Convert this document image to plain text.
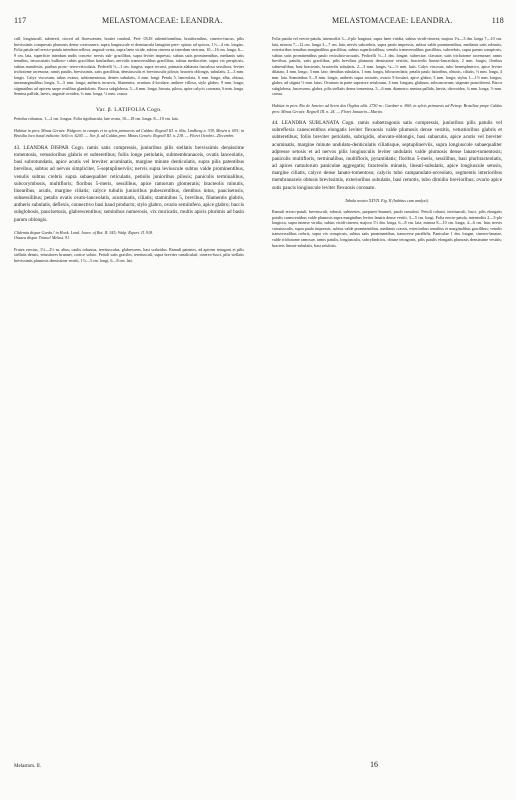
117	MELASTOMACEAE: LEANDRA.	MELASTOMACEAE: LEANDRA.	118

cull, longiuscull, subteretí, ciocerí ad floresoentes, brattei caraloul. Pett‑ OLIS rubentiformibus, brattformibus, cinereo‑fuscus, pilis brevissimis compressis plumosis dense cortexusere, supra longiuscule et densiuscula lanuginis pere‑ spiouc ad spicros, 1⅓—4 cm. longiss. Folia patula nel erecto‑patula interdum reflexa, angustè ovata, supra laete viride, subtus cinerea ut interdum sericans, 10—16 cm. longa, 6—9 cm. lata, superficie interdum nudis conceto: nervis sub‑ gracilibus, supra leviter impresso, subtus satis prominentibus, medianis satis tenuibus, tetracostatis bulboso‑ rubiis gracilibus basilaribus; nervulis transversalibus gracilibus, subtus mediocriter, supra vix perspicuis, subtus manifestis, puribus prosc‑ tereo‑reticulatis. Pedicelli ½—1 cm. longiss, supra recurvi, primaria alabastra fusculosa sessiliora, leviter trichotome racemosa; ramis patulis, brevissimis, satis gracilibus, densiusculis et breviusculis pilosis; bracteis oblongis, subulatis, 2—3 mm. longis. Calyx viscosum; tubus ovatus, subtomentosus; dentes subulatis, 4 mm. longi. Petala 5, lanceolata, 6 mm. longa, alba, obtusa, intramarginalibus longis, 5—5 mm. longa; antheris incurvis, filamentis; ovarium 4‑loculare, anthere villosa, stylo glabro, 9 mm. longo; stigmatibus ad apicem saepe ovulibus glandulosis. Bacca subglobosa, 5—6 mm. longa, hirsuta, pilosa, apice calycis coronata, 6 mm. longa. Semina pallida, laevis, angusté ovoidea, ¾ mm. longa, ½ mm. crassa.

Var. β. LATIFOLIA Cogn.

Petiolus robustus, 1—2 cm. longus. Folia rigidiuscula, late ovata, 10—18 cm. longa, 8—10 cm. lata.

Habitat in prov. Minas Geraës: Widgren; in campis et in sylvis primaevis ad Caldas: Regnell III. n. 60a, Lindberg n. 339, Mosén n. 693; in Brasilia loco haud indicato: Sello n. 6205. — Var. β. ad Caldas prov. Minas Geraës: Regnell III. n. 218. — Floret Octobri—Decembri.

43. LEANDRA DISPAR Cogn. ramis satis compressis, junioribus pilis stellatis brevissimis densissime tomentosis, vetustioribus glabris et subteretibus; foliis longe petiolatis, submembranaceis, ovatis lanceolatis, basi subrotundatis, apice acutis vel breviter acuminatis, margine minute denticulatis, supra pilis patentibus brevibus, subtus ad nervos simpliciter, 5-septuplinerviis; nervis supra leviuscule subtus valde prominentibus, venulis subtus crebris supra subaequaliter reticulatis, petiolis junioribus pilosis; paniculis terminalibus, subcorymbosis, multifloris; floribus 5-meris, sessilibus, apice ramorum glomeratis; bracteolis minutis, linearibus, acutis, margine ciliatis; calyce tubulis junioribus pubescentibus, dentibus intus, paucisetosis, subsessilibus; petalis ovatis ovato‑lanceolatis, acuminatis, ciliatis; staminibus 5, brevibus, filamentis glabris, antheris subulatis, deflexis, connectivo basi haud producto; stylo glabro, ovario semiinfero, apice glabro; baccis subglobosis, paucisetosis, glabrescentibus; seminibus numerosis, vix muricatis, multis apicis plurimis ad basin parum oblongis.

Clidemia dispar Gardn.! in Hook. Lond. Journ. of Bot. II. 345; Walp. Repert. II. 918.

Ossaea dispar Triana! Melast. 91.

Frutex erectus, 1½—2½ m. altus; caulis robustus, teretiusculus, glabrescens, basi scabridus. Ramuli patentes, ad apicem tetragoni et pilis stellatis densis, vetustiores brunnei, cortice soluto. Petioli satis graciles, teretiusculi, supra breviter canaliculati, cinereo‑fusci, pilis stellatis brevissimis plumosis densissime vestiti, 1½—3 cm. longi, 6—8 cm. lati.

Folia patula vel erecto‑patula, internodiis 3—4‑plo longiora, supra laete viridia, subtus viridi‑cinerea, majora 1¼—3 dm. longa 7—10 cm. lata, minora 7—12 cm. longa 3—7 cm. lata; nervis subcrebris, supra paulo impressis, subtus valde prominentibus, medianis satis robustis, exterioribus tenuibus marginalibus gracilibus, subtus superficialibus; venulis transversalibus gracilibus, subcrebris, supra parum conspicuis, subtus satis prominentibus paulo reticulato‑arcuatis. Pedicelli ½—1 dm. longae, subrectae, clavatae, satis trichotome racemosae; ramis brevibus, patulis, satis gracilibus, pilis brevibus plumosis densissime vestitis; bracteolis lineari‑lanceolatis, 2 mm. longis; floribus subsessilibus, basi bracteatis, bracteolis subulatis, 2—3 mm. longis, ¼—½ mm. latis. Calyx viscosus, tubo hemisphaerico, apice leviter dilatato, 4 mm. longo, 3 mm. lato; dentibus subulatis, 1 mm. longis, bibracteolatis; petalis paulo latioribus, obtusis, ciliatis, ½ mm. longa, 4 mm. lata. Staminibus 5—9 mm. longis, antheris supra rostratis, ovario 5‑loculari, apice glabro, 3 mm. longo; stylus 1—1½ mm. longus, glaber, ad stigma ½ mm. latus. Ovarium in parte superiore setulosum, 4 mm. longum, glabrum, subconcavum; stigmate punctiformi. Bacca subglobosa, fuscescens, glabra, pilis stellatis dense tomentosa, 5—6 mm. diametro; semina pallida, laevia, obovoidea, ¾ mm. longa, ½ mm. crassa.

Habitat in prov. Rio de Janeiro ad Serra dos Órgãos altit. 2750 m.: Gardner n. 860; in sylvis primaevis ad Petrop. Brasiliae prope Caldas prov. Minas Geraës: Regnell III. n. 24. — Floret Januario—Martio.

44. LEANDRA SUBLANATA Cogn. ramis subtetragonis satis compressis, junioribus pilis patulis vel subreflexis canescentibus elongatis leviter flexuosis valde plumosis dense vestitis, vetustioribus glabris et subteretibus; foliis breviter petiolatis, subrigidis, obovato‑oblongis, basi subacutis, apice acutis vel breviter acuminatis, margine minute undulato‑denticulatis ciliatisque, septuplinerviis, supra longiuscule subaequaliter adpresse setosis et ad nervos pilis longiusculis leviter undulatis valde plumosis dense lanato‑tomentosis; paniculis multifloris, terminalibus, multifloris, pyramidatis; floribus 5‑meris, sessilibus, basi plurbracteolatis, ad apices ramulorum paniculae aggregatis; bracteolis minutis, lineari‑subulatis, apice longiuscule setosis, margine ciliatis, calyce dense lanato‑tomentoso; calycis tubo campanulato‑urceolato, segmentis interioribus membranaceis obtusis brevissimis, exterioribus subulatis, basi remotis, tubo dimidio brevioribus; ovario apice sutis paucis longiuscule leviter flexuosis coronato.

Tabula nostra XXVII. Fig. II (habitus cum analysi).

Ramuli erecto‑patuli, breviusculi, robusti, subteretes, purpureo‑brunnei, paulo ramulosi. Petioli robusti, teretiusculi, fusci, pilis elongatis patulis canescentibus valde plumosis supra marginibus leviter lanatis dense vestiti, 3—5 cm. longi. Folia erecto‑patula, internodiis 2—3‑plo longiora, supra intense viridia, subtus viridi‑cinerea, majora 1½ dm. longa, 6—8 cm. lata, minora 8—10 cm. longa, 4—6 cm. lata; nervis crassiusculis, supra paulo impressis, subtus valde prominentibus, medianis crassis, exterioribus tenuibus et marginalibus gracilibus; venulis transversalibus crebris, supra vix conspicuis, subtus satis prominentibus, transverse parallelis. Paniculae 1 dm. longae, cinereo‑lanatae, valde trichotome ramosae, ramis patulis, longiusculis, subcylindricis, obtuse tetragonis, pilis patulis elongatis plumosis densissime vestitis; bracteis lineari‑subulatis, basi setulosis.

Melastom. II.	16
